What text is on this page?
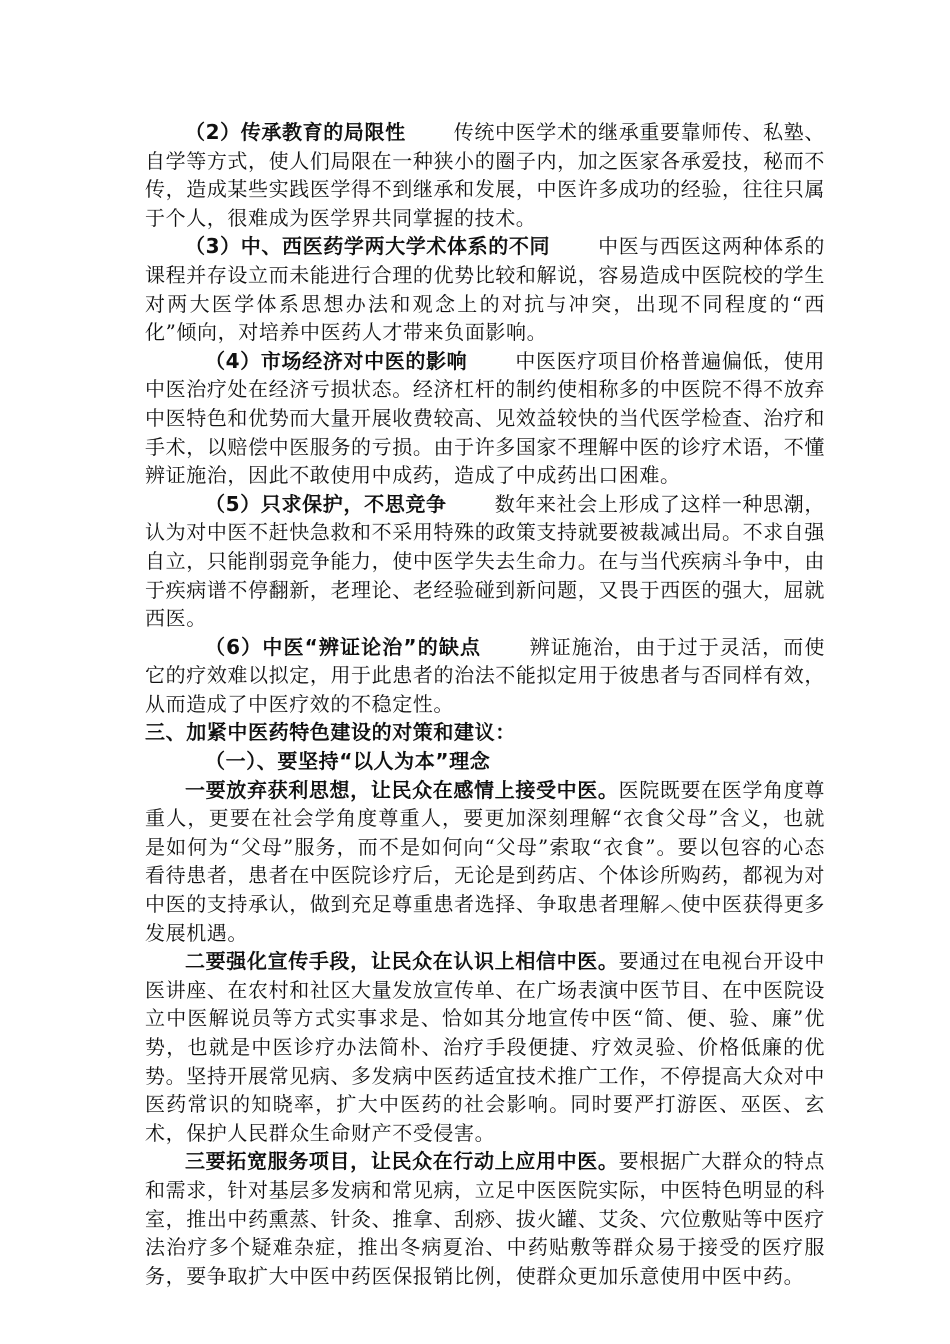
（2）传承教育的局限性 传统中医学术的继承重要靠师传、私塾、自学等方式，使人们局限在一种狭小的圈子内，加之医家各承爱技，秘而不传，造成某些实践医学得不到继承和发展，中医许多成功的经验，往往只属于个人，很难成为医学界共同掌握的技术。

（3）中、西医药学两大学术体系的不同 中医与西医这两种体系的课程并存设立而未能进行合理的优势比较和解说，容易造成中医院校的学生对两大医学体系思想办法和观念上的对抗与冲突，出现不同程度的“西化”倾向，对培养中医药人才带来负面影响。

（4）市场经济对中医的影响 中医医疗项目价格普遍偏低，使用中医治疗处在经济亏损状态。经济杠杆的制约使相称多的中医院不得不放弃中医特色和优势而大量开展收费较高、见效益较快的当代医学检查、治疗和手术，以赔偿中医服务的亏损。由于许多国家不理解中医的诊疗术语，不懂辨证施治，因此不敢使用中成药，造成了中成药出口困难。

（5）只求保护，不思竞争 数年来社会上形成了这样一种思潮，认为对中医不赶快急救和不采用特殊的政策支持就要被裁减出局。不求自强自立，只能削弱竞争能力，使中医学失去生命力。在与当代疾病斗争中，由于疾病谱不停翻新，老理论、老经验碰到新问题，又畏于西医的强大，屈就西医。

（6）中医“辨证论治”的缺点 辨证施治，由于过于灵活，而使它的疗效难以拟定，用于此患者的治法不能拟定用于彼患者与否同样有效，从而造成了中医疗效的不稳定性。

三、加紧中医药特色建设的对策和建议：

（一）、要坚持“以人为本”理念

一要放弃获利思想，让民众在感情上接受中医。医院既要在医学角度尊重人，更要在社会学角度尊重人，要更加深刻理解“衣食父母”含义，也就是如何为“父母”服务，而不是如何向“父母”索取“衣食”。要以包容的心态看待患者，患者在中医院诊疗后，无论是到药店、个体诊所购药，都视为对中医的支持承认，做到充足尊重患者选择、争取患者理解︿使中医获得更多发展机遇。

二要强化宣传手段，让民众在认识上相信中医。要通过在电视台开设中医讲座、在农村和社区大量发放宣传单、在广场表演中医节目、在中医院设立中医解说员等方式实事求是、恰如其分地宣传中医“简、便、验、廉”优势，也就是中医诊疗办法简朴、治疗手段便捷、疗效灵验、价格低廉的优势。坚持开展常见病、多发病中医药适宜技术推广工作，不停提高大众对中医药常识的知晓率，扩大中医药的社会影响。同时要严打游医、巫医、玄术，保护人民群众生命财产不受侵害。

三要拓宽服务项目，让民众在行动上应用中医。要根据广大群众的特点和需求，针对基层多发病和常见病，立足中医医院实际，中医特色明显的科室，推出中药熏蒸、针灸、推拿、刮痧、拔火罐、艾灸、穴位敷贴等中医疗法治疗多个疑难杂症，推出冬病夏治、中药贴敷等群众易于接受的医疗服务，要争取扩大中医中药医保报销比例，使群众更加乐意使用中医中药。
